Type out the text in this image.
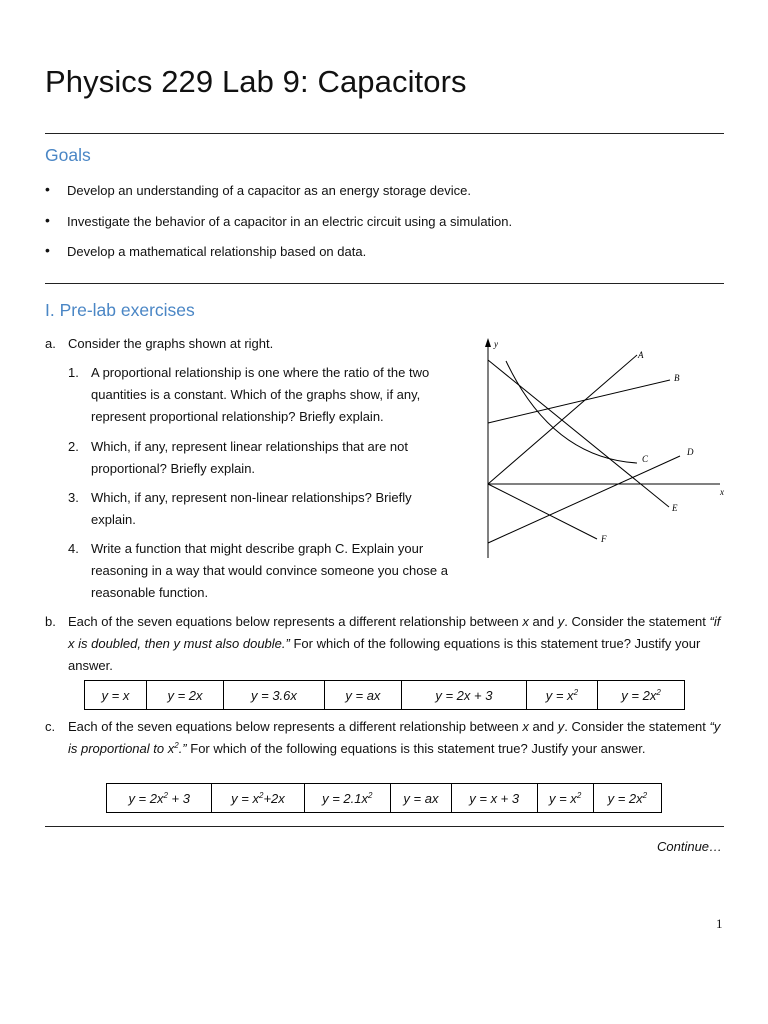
Physics 229 Lab 9: Capacitors
Goals
• Develop an understanding of a capacitor as an energy storage device.
• Investigate the behavior of a capacitor in an electric circuit using a simulation.
• Develop a mathematical relationship based on data.
I. Pre-lab exercises
a. Consider the graphs shown at right.
1. A proportional relationship is one where the ratio of the two quantities is a constant. Which of the graphs show, if any, represent proportional relationship? Briefly explain.
2. Which, if any, represent linear relationships that are not proportional? Briefly explain.
3. Which, if any, represent non-linear relationships? Briefly explain.
4. Write a function that might describe graph C. Explain your reasoning in a way that would convince someone you chose a reasonable function.
y
x
A
B
C
D
E
F
b. Each of the seven equations below represents a different relationship between x and y. Consider the statement “if x is doubled, then y must also double.” For which of the following equations is this statement true? Justify your answer.
y = x	y = 2x	y = 3.6x	y = ax	y = 2x + 3	$y = x^2$	$y = 2x^2$
c. Each of the seven equations below represents a different relationship between x and y. Consider the statement “y is proportional to $x^2$.” For which of the following equations is this statement true? Justify your answer.
$y = 2x^2 + 3$	$y = x^2+2x$	$y = 2.1x^2$	y = ax	y = x + 3	$y = x^2$	$y = 2x^2$
Continue…
1
